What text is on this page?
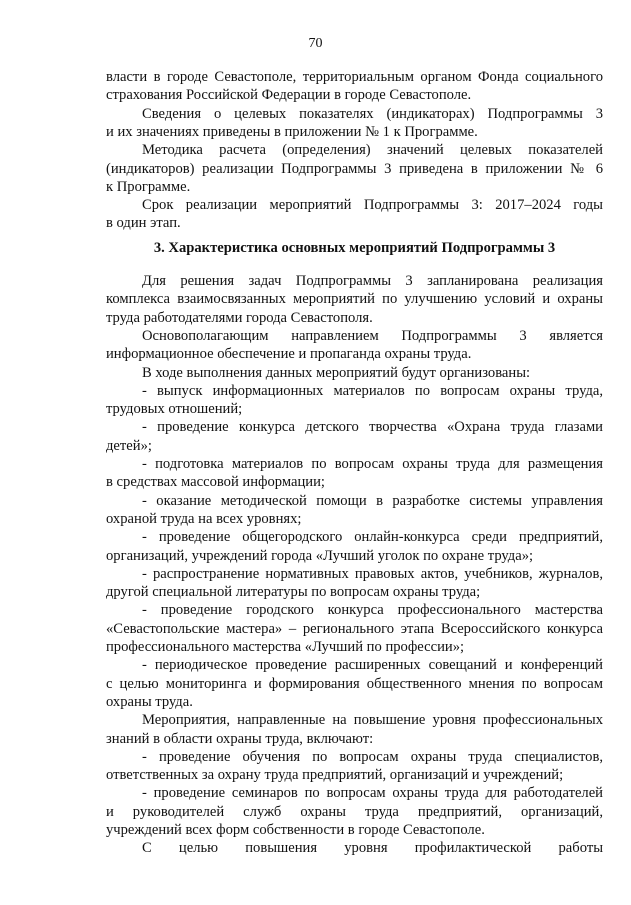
70
власти в городе Севастополе, территориальным органом Фонда социального
страхования Российской Федерации в городе Севастополе.
Сведения о целевых показателях (индикаторах) Подпрограммы 3
и их значениях приведены в приложении № 1 к Программе.
Методика расчета (определения) значений целевых показателей
(индикаторов) реализации Подпрограммы 3 приведена в приложении № 6
к Программе.
Срок реализации мероприятий Подпрограммы 3: 2017–2024 годы
в один этап.
3. Характеристика основных мероприятий Подпрограммы 3
Для решения задач Подпрограммы 3 запланирована реализация
комплекса взаимосвязанных мероприятий по улучшению условий и охраны
труда работодателями города Севастополя.
Основополагающим направлением Подпрограммы 3 является
информационное обеспечение и пропаганда охраны труда.
В ходе выполнения данных мероприятий будут организованы:
- выпуск информационных материалов по вопросам охраны труда,
трудовых отношений;
- проведение конкурса детского творчества «Охрана труда глазами
детей»;
- подготовка материалов по вопросам охраны труда для размещения
в средствах массовой информации;
- оказание методической помощи в разработке системы управления
охраной труда на всех уровнях;
- проведение общегородского онлайн-конкурса среди предприятий,
организаций, учреждений города «Лучший уголок по охране труда»;
- распространение нормативных правовых актов, учебников, журналов,
другой специальной литературы по вопросам охраны труда;
- проведение городского конкурса профессионального мастерства
«Севастопольские мастера» – регионального этапа Всероссийского конкурса
профессионального мастерства «Лучший по профессии»;
- периодическое проведение расширенных совещаний и конференций
с целью мониторинга и формирования общественного мнения по вопросам
охраны труда.
Мероприятия, направленные на повышение уровня профессиональных
знаний в области охраны труда, включают:
- проведение обучения по вопросам охраны труда специалистов,
ответственных за охрану труда предприятий, организаций и учреждений;
- проведение семинаров по вопросам охраны труда для работодателей
и руководителей служб охраны труда предприятий, организаций,
учреждений всех форм собственности в городе Севастополе.
С целью повышения уровня профилактической работы
